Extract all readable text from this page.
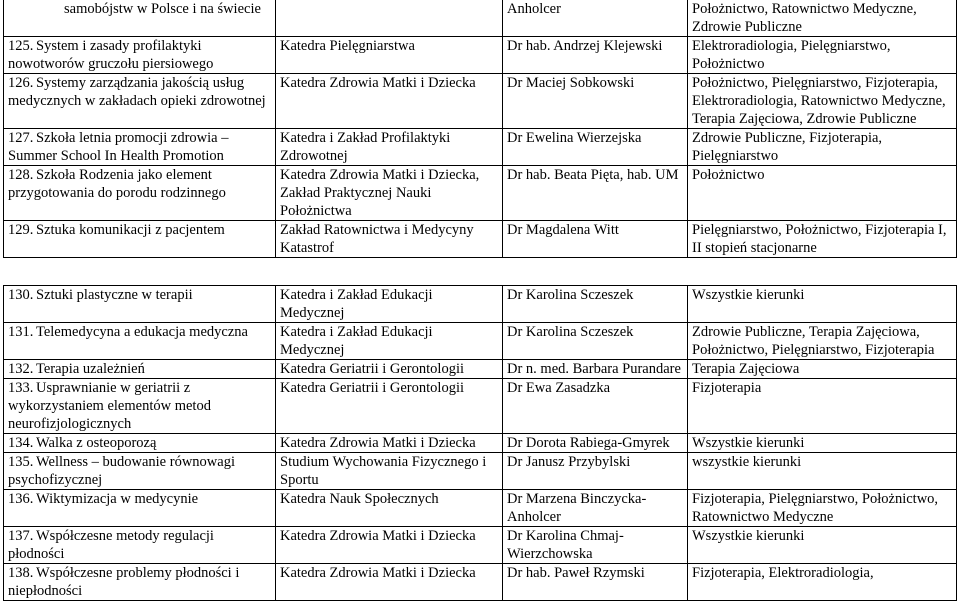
samobójstw w Polsce i na świecie		Anholcer	Położnictwo, Ratownictwo Medyczne, Zdrowie Publiczne
125. System i zasady profilaktyki nowotworów gruczołu piersiowego	Katedra Pielęgniarstwa	Dr hab. Andrzej Klejewski	Elektroradiologia, Pielęgniarstwo, Położnictwo
126. Systemy zarządzania jakością usług medycznych w zakładach opieki zdrowotnej	Katedra Zdrowia Matki i Dziecka	Dr Maciej Sobkowski	Położnictwo, Pielęgniarstwo, Fizjoterapia, Elektroradiologia, Ratownictwo Medyczne, Terapia Zajęciowa, Zdrowie Publiczne
127. Szkoła letnia promocji zdrowia – Summer School In Health Promotion	Katedra i Zakład Profilaktyki Zdrowotnej	Dr Ewelina Wierzejska	Zdrowie Publiczne, Fizjoterapia, Pielęgniarstwo
128. Szkoła Rodzenia jako element przygotowania do porodu rodzinnego	Katedra Zdrowia Matki i Dziecka, Zakład Praktycznej Nauki Położnictwa	Dr hab. Beata Pięta, hab. UM	Położnictwo
129. Sztuka komunikacji z pacjentem	Zakład Ratownictwa i Medycyny Katastrof	Dr Magdalena Witt	Pielęgniarstwo, Położnictwo, Fizjoterapia I, II stopień stacjonarne
130. Sztuki plastyczne w terapii	Katedra i Zakład Edukacji Medycznej	Dr Karolina Sczeszek	Wszystkie kierunki
131. Telemedycyna a edukacja medyczna	Katedra i Zakład Edukacji Medycznej	Dr Karolina Sczeszek	Zdrowie Publiczne, Terapia Zajęciowa, Położnictwo, Pielęgniarstwo, Fizjoterapia
132. Terapia uzależnień	Katedra Geriatrii i Gerontologii	Dr n. med. Barbara Purandare	Terapia Zajęciowa
133. Usprawnianie w geriatrii z wykorzystaniem elementów metod neurofizjologicznych	Katedra Geriatrii i Gerontologii	Dr Ewa Zasadzka	Fizjoterapia
134. Walka z osteoporozą	Katedra Zdrowia Matki i Dziecka	Dr Dorota Rabiega-Gmyrek	Wszystkie kierunki
135. Wellness – budowanie równowagi psychofizycznej	Studium Wychowania Fizycznego i Sportu	Dr Janusz Przybylski	wszystkie kierunki
136. Wiktymizacja w medycynie	Katedra Nauk Społecznych	Dr Marzena Binczycka-Anholcer	Fizjoterapia, Pielęgniarstwo, Położnictwo, Ratownictwo Medyczne
137. Współczesne metody regulacji płodności	Katedra Zdrowia Matki i Dziecka	Dr Karolina Chmaj-Wierzchowska	Wszystkie kierunki
138. Współczesne problemy płodności i niepłodności	Katedra Zdrowia Matki i Dziecka	Dr hab. Paweł Rzymski	Fizjoterapia, Elektroradiologia,
